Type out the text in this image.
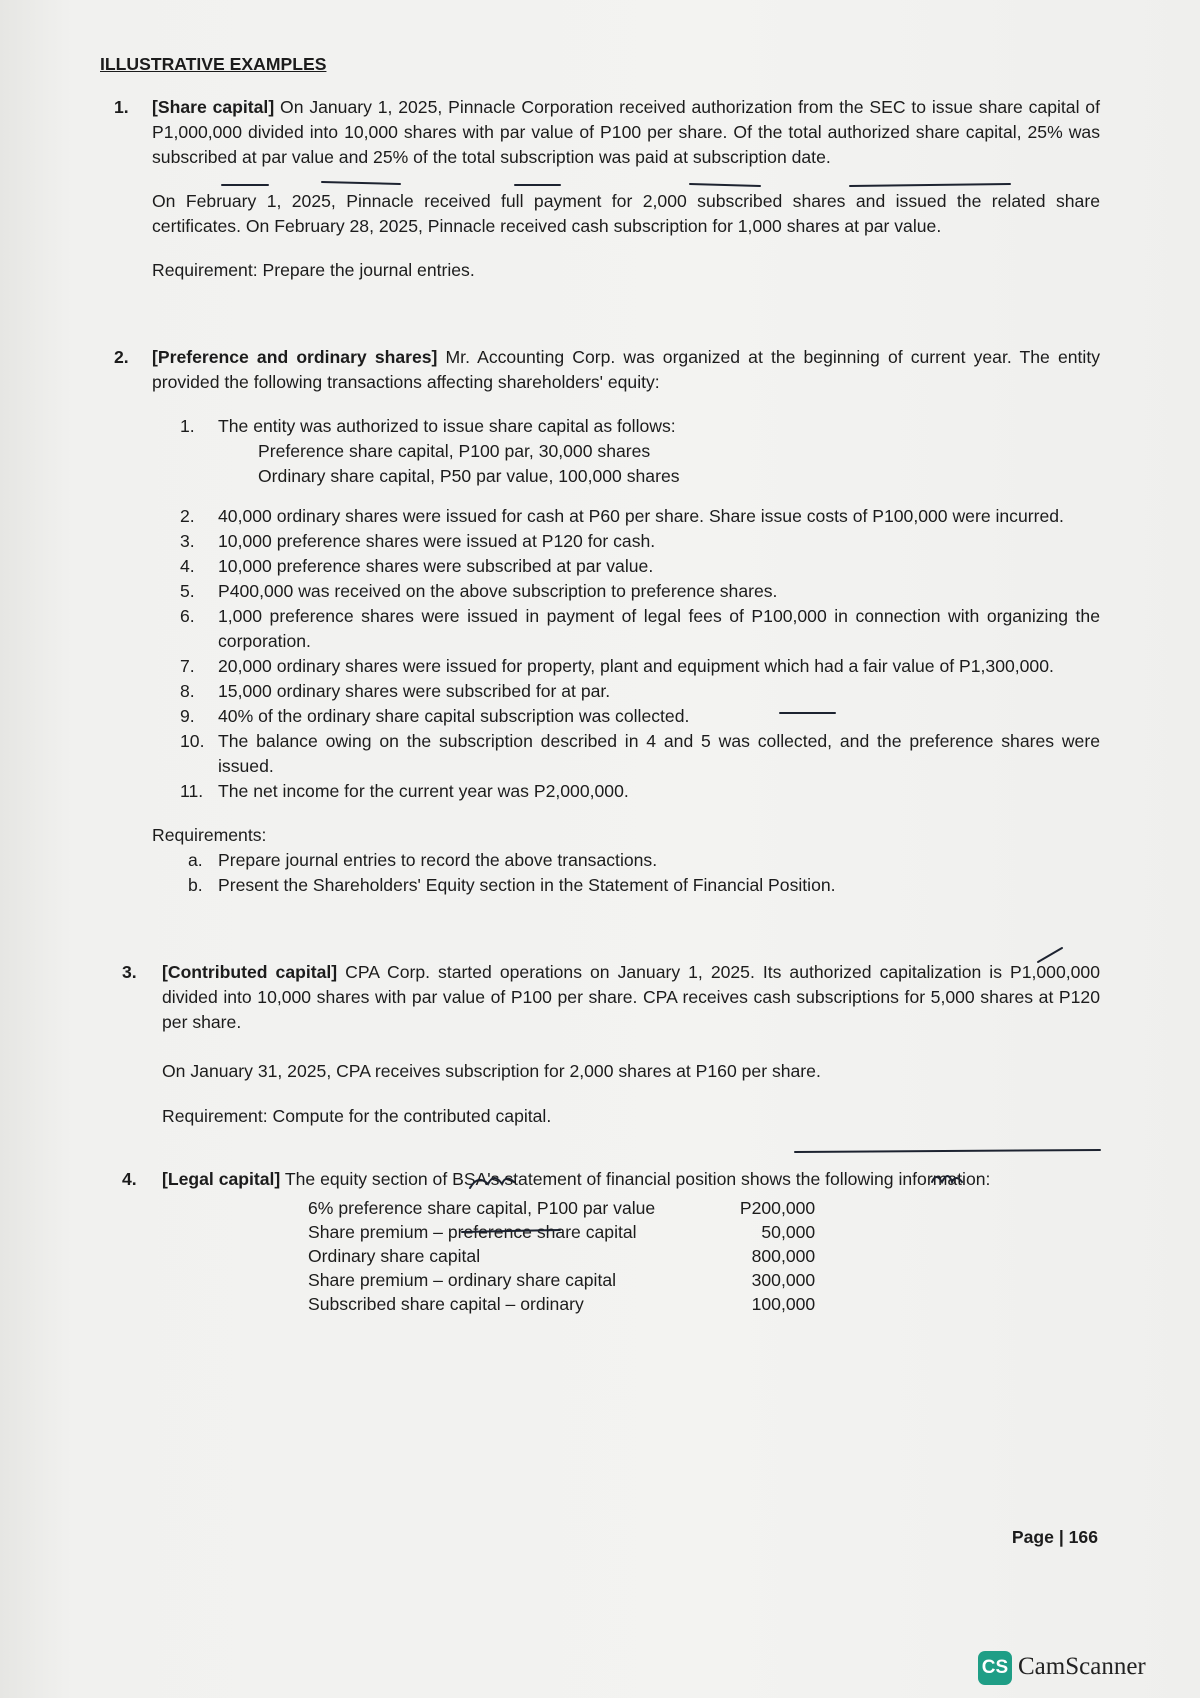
ILLUSTRATIVE EXAMPLES
1. [Share capital] On January 1, 2025, Pinnacle Corporation received authorization from the SEC to issue share capital of P1,000,000 divided into 10,000 shares with par value of P100 per share. Of the total authorized share capital, 25% was subscribed at par value and 25% of the total subscription was paid at subscription date.

On February 1, 2025, Pinnacle received full payment for 2,000 subscribed shares and issued the related share certificates. On February 28, 2025, Pinnacle received cash subscription for 1,000 shares at par value.

Requirement: Prepare the journal entries.

2. [Preference and ordinary shares] Mr. Accounting Corp. was organized at the beginning of current year. The entity provided the following transactions affecting shareholders' equity:

1. The entity was authorized to issue share capital as follows:

Preference share capital, P100 par, 30,000 shares

Ordinary share capital, P50 par value, 100,000 shares

2. 40,000 ordinary shares were issued for cash at P60 per share. Share issue costs of P100,000 were incurred.

3. 10,000 preference shares were issued at P120 for cash.

4. 10,000 preference shares were subscribed at par value.

5. P400,000 was received on the above subscription to preference shares.

6. 1,000 preference shares were issued in payment of legal fees of P100,000 in connection with organizing the corporation.

7. 20,000 ordinary shares were issued for property, plant and equipment which had a fair value of P1,300,000.

8. 15,000 ordinary shares were subscribed for at par.

9. 40% of the ordinary share capital subscription was collected.

10. The balance owing on the subscription described in 4 and 5 was collected, and the preference shares were issued.

11. The net income for the current year was P2,000,000.

Requirements:

a. Prepare journal entries to record the above transactions.

b. Present the Shareholders' Equity section in the Statement of Financial Position.

3. [Contributed capital] CPA Corp. started operations on January 1, 2025. Its authorized capitalization is P1,000,000 divided into 10,000 shares with par value of P100 per share. CPA receives cash subscriptions for 5,000 shares at P120 per share.

On January 31, 2025, CPA receives subscription for 2,000 shares at P160 per share.

Requirement: Compute for the contributed capital.

4. [Legal capital] The equity section of BSA's statement of financial position shows the following information:

6% preference share capital, P100 par value	P200,000
Share premium – preference share capital	50,000
Ordinary share capital	800,000
Share premium – ordinary share capital	300,000
Subscribed share capital – ordinary	100,000
Page | 166
CS CamScanner
